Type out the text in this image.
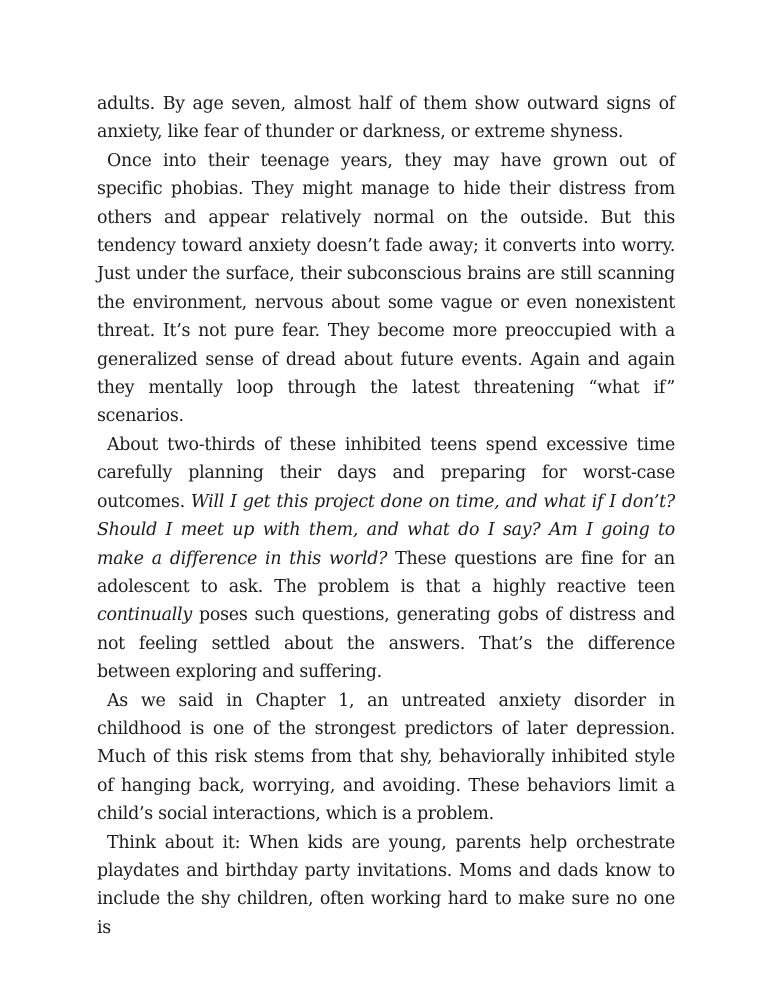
adults. By age seven, almost half of them show outward signs of anxiety, like fear of thunder or darkness, or extreme shyness.

Once into their teenage years, they may have grown out of specific phobias. They might manage to hide their distress from others and appear relatively normal on the outside. But this tendency toward anxiety doesn’t fade away; it converts into worry. Just under the surface, their subconscious brains are still scanning the environment, nervous about some vague or even nonexistent threat. It’s not pure fear. They become more preoccupied with a generalized sense of dread about future events. Again and again they mentally loop through the latest threatening “what if” scenarios.

About two-thirds of these inhibited teens spend excessive time carefully planning their days and preparing for worst-case outcomes. Will I get this project done on time, and what if I don’t? Should I meet up with them, and what do I say? Am I going to make a difference in this world? These questions are fine for an adolescent to ask. The problem is that a highly reactive teen continually poses such questions, generating gobs of distress and not feeling settled about the answers. That’s the difference between exploring and suffering.

As we said in Chapter 1, an untreated anxiety disorder in childhood is one of the strongest predictors of later depression. Much of this risk stems from that shy, behaviorally inhibited style of hanging back, worrying, and avoiding. These behaviors limit a child’s social interactions, which is a problem.

Think about it: When kids are young, parents help orchestrate playdates and birthday party invitations. Moms and dads know to include the shy children, often working hard to make sure no one is
